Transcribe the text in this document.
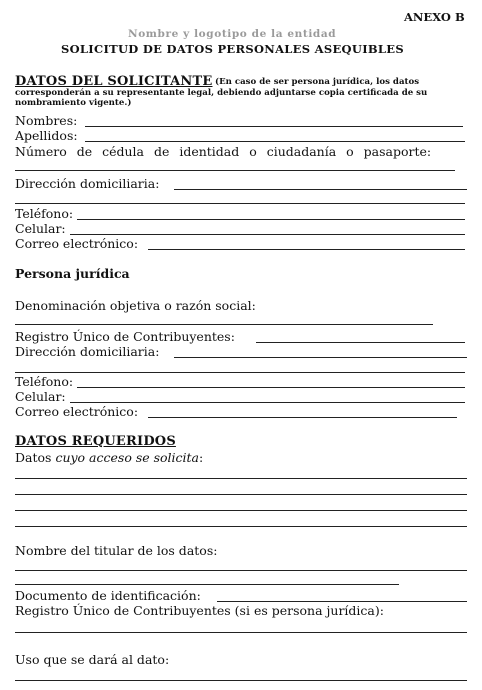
ANEXO B
Nombre y logotipo de la entidad
SOLICITUD DE DATOS PERSONALES ASEQUIBLES
DATOS DEL SOLICITANTE (En caso de ser persona jurídica, los datos corresponderán a su representante legal, debiendo adjuntarse copia certificada de su nombramiento vigente.)
Nombres:
Apellidos:
Número de cédula de identidad o ciudadanía o pasaporte:
Dirección domiciliaria:
Teléfono:
Celular:
Correo electrónico:
Persona jurídica
Denominación objetiva o razón social:
Registro Único de Contribuyentes:
Dirección domiciliaria:
Teléfono:
Celular:
Correo electrónico:
DATOS REQUERIDOS
Datos cuyo acceso se solicita:
Nombre del titular de los datos:
Documento de identificación:
Registro Único de Contribuyentes (si es persona jurídica):
Uso que se dará al dato:
